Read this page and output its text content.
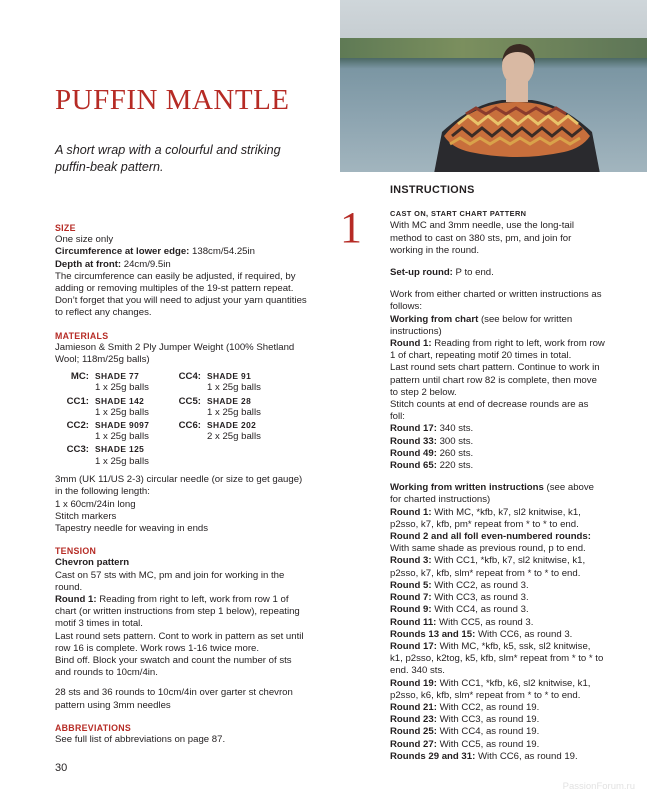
PUFFIN MANTLE
A short wrap with a colourful and striking puffin-beak pattern.

SIZE

One size only

Circumference at lower edge: 138cm/54.25in

Depth at front: 24cm/9.5in

The circumference can easily be adjusted, if required, by adding or removing multiples of the 19-st pattern repeat. Don’t forget that you will need to adjust your yarn quantities to reflect any changes.

MATERIALS

Jamieson & Smith 2 Ply Jumper Weight (100% Shetland Wool; 118m/25g balls)

MC: SHADE 77
1 x 25g balls
CC1: SHADE 142
1 x 25g balls
CC2: SHADE 9097
1 x 25g balls
CC3: SHADE 125
1 x 25g balls
CC4: SHADE 91
1 x 25g balls
CC5: SHADE 28
1 x 25g balls
CC6: SHADE 202
2 x 25g balls

3mm (UK 11/US 2-3) circular needle (or size to get gauge) in the following length:

1 x 60cm/24in long

Stitch markers

Tapestry needle for weaving in ends

TENSION

Chevron pattern

Cast on 57 sts with MC, pm and join for working in the round.

Round 1: Reading from right to left, work from row 1 of chart (or written instructions from step 1 below), repeating motif 3 times in total.

Last round sets pattern. Cont to work in pattern as set until row 16 is complete. Work rows 1-16 twice more.

Bind off. Block your swatch and count the number of sts and rounds to 10cm/4in.

28 sts and 36 rounds to 10cm/4in over garter st chevron pattern using 3mm needles

ABBREVIATIONS

See full list of abbreviations on page 87.

1

INSTRUCTIONS

CAST ON, START CHART PATTERN

With MC and 3mm needle, use the long-tail method to cast on 380 sts, pm, and join for working in the round.

Set-up round: P to end.

Work from either charted or written instructions as follows:

Working from chart (see below for written instructions)

Round 1: Reading from right to left, work from row 1 of chart, repeating motif 20 times in total.

Last round sets chart pattern. Continue to work in pattern until chart row 82 is complete, then move to step 2 below.

Stitch counts at end of decrease rounds are as foll:

Round 17: 340 sts.

Round 33: 300 sts.

Round 49: 260 sts.

Round 65: 220 sts.

Working from written instructions (see above for charted instructions)

Round 1: With MC, *kfb, k7, sl2 knitwise, k1, p2sso, k7, kfb, pm* repeat from * to * to end.

Round 2 and all foll even-numbered rounds: With same shade as previous round, p to end.

Round 3: With CC1, *kfb, k7, sl2 knitwise, k1, p2sso, k7, kfb, slm* repeat from * to * to end.

Round 5: With CC2, as round 3.

Round 7: With CC3, as round 3.

Round 9: With CC4, as round 3.

Round 11: With CC5, as round 3.

Rounds 13 and 15: With CC6, as round 3.

Round 17: With MC, *kfb, k5, ssk, sl2 knitwise, k1, p2sso, k2tog, k5, kfb, slm* repeat from * to * to end. 340 sts.

Round 19: With CC1, *kfb, k6, sl2 knitwise, k1, p2sso, k6, kfb, slm* repeat from * to * to end.

Round 21: With CC2, as round 19.

Round 23: With CC3, as round 19.

Round 25: With CC4, as round 19.

Round 27: With CC5, as round 19.

Rounds 29 and 31: With CC6, as round 19.

30
PassionForum.ru
